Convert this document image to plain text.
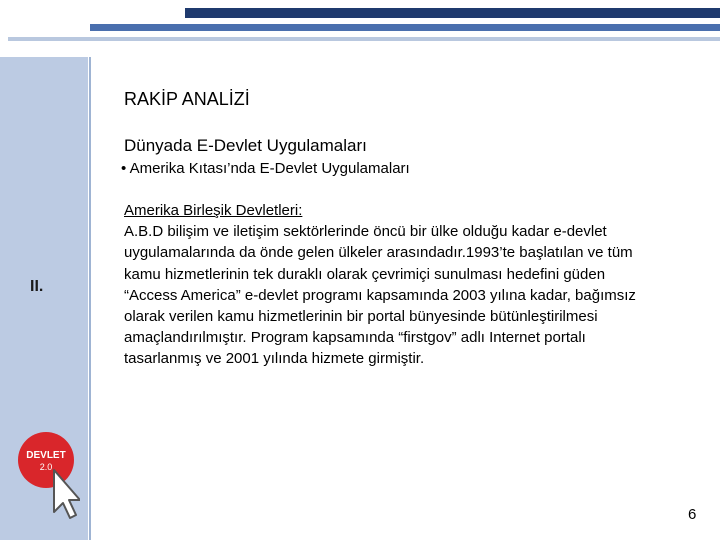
II.
DEVLET
2.0
RAKİP ANALİZİ
Dünyada E-Devlet Uygulamaları
• Amerika Kıtası’nda E-Devlet Uygulamaları
Amerika Birleşik Devletleri:
A.B.D bilişim ve iletişim sektörlerinde öncü bir ülke olduğu kadar e-devlet uygulamalarında da önde gelen ülkeler arasındadır.1993’te başlatılan ve tüm kamu hizmetlerinin tek duraklı olarak çevrimiçi sunulması hedefini güden “Access America” e-devlet programı kapsamında 2003 yılına kadar, bağımsız olarak verilen kamu hizmetlerinin bir portal bünyesinde bütünleştirilmesi amaçlandırılmıştır. Program kapsamında “firstgov” adlı Internet portalı tasarlanmış ve 2001 yılında hizmete girmiştir.
6
